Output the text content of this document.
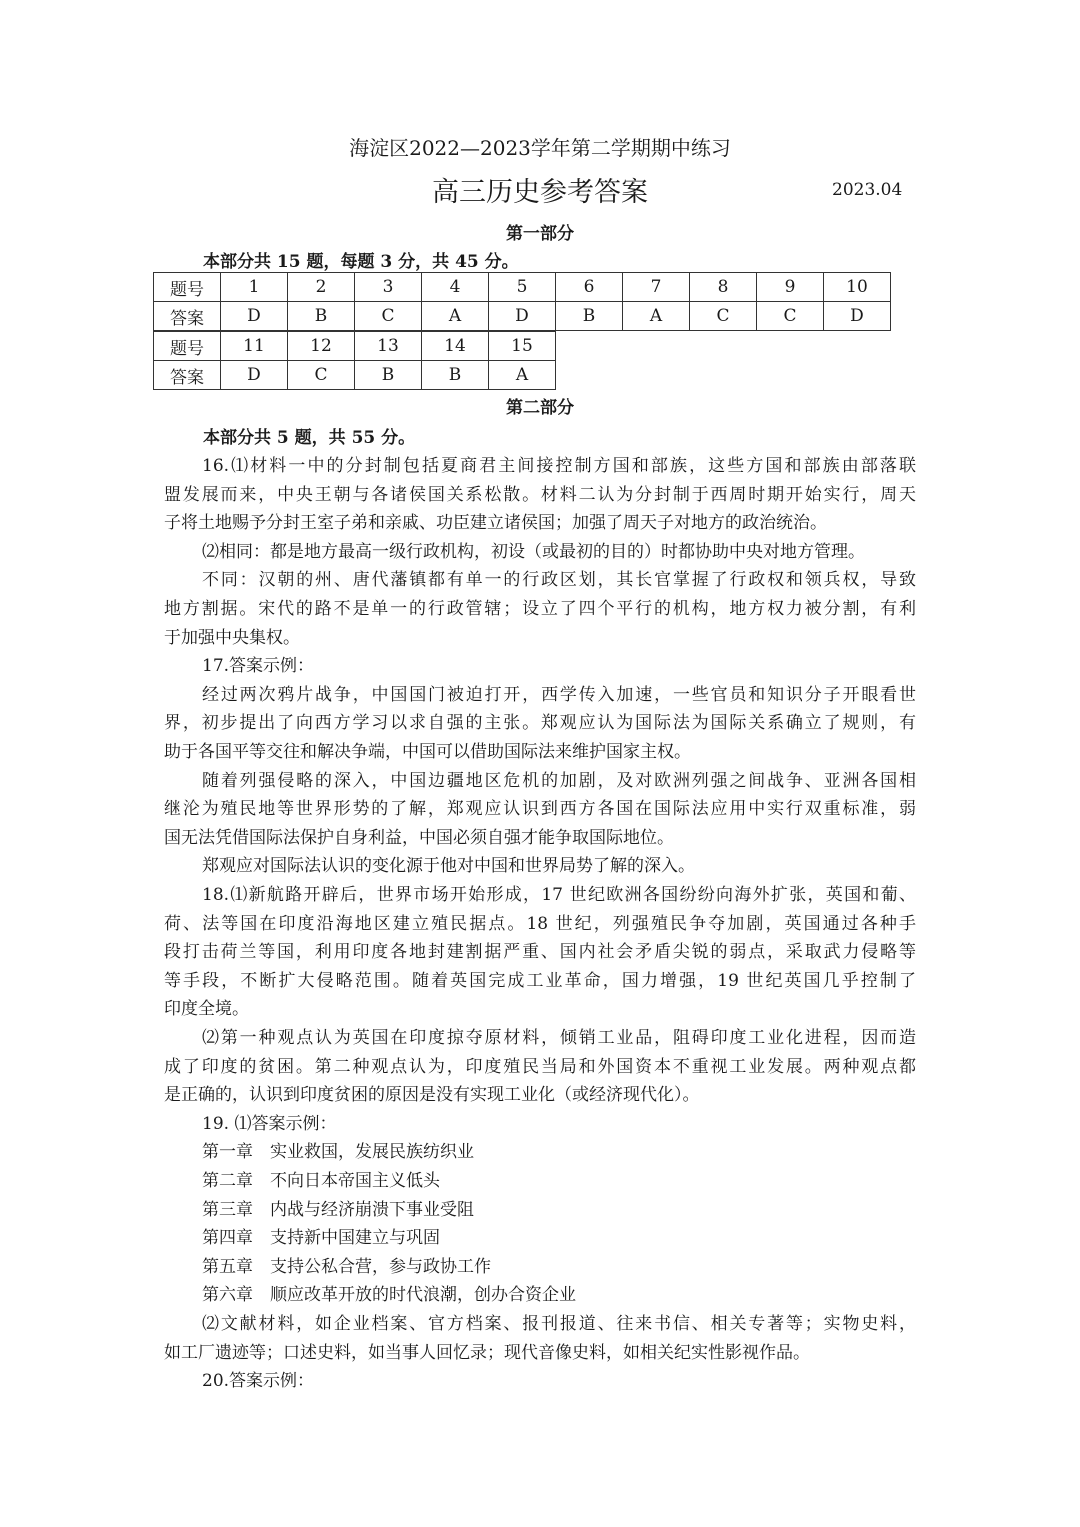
海淀区2022—2023学年第二学期期中练习
高三历史参考答案	2023.04
第一部分
本部分共 15 题，每题 3 分，共 45 分。
题号	1	2	3	4	5	6	7	8	9	10
答案	D	B	C	A	D	B	A	C	C	D
题号	11	12	13	14	15
答案	D	C	B	B	A
第二部分
本部分共 5 题，共 55 分。
16.⑴材料一中的分封制包括夏商君主间接控制方国和部族，这些方国和部族由部落联
盟发展而来，中央王朝与各诸侯国关系松散。材料二认为分封制于西周时期开始实行，周天
子将土地赐予分封王室子弟和亲戚、功臣建立诸侯国；加强了周天子对地方的政治统治。
⑵相同：都是地方最高一级行政机构，初设（或最初的目的）时都协助中央对地方管理。
不同：汉朝的州、唐代藩镇都有单一的行政区划，其长官掌握了行政权和领兵权，导致
地方割据。宋代的路不是单一的行政管辖；设立了四个平行的机构，地方权力被分割，有利
于加强中央集权。
17.答案示例：
经过两次鸦片战争，中国国门被迫打开，西学传入加速，一些官员和知识分子开眼看世
界，初步提出了向西方学习以求自强的主张。郑观应认为国际法为国际关系确立了规则，有
助于各国平等交往和解决争端，中国可以借助国际法来维护国家主权。
随着列强侵略的深入，中国边疆地区危机的加剧，及对欧洲列强之间战争、亚洲各国相
继沦为殖民地等世界形势的了解，郑观应认识到西方各国在国际法应用中实行双重标准，弱
国无法凭借国际法保护自身利益，中国必须自强才能争取国际地位。
郑观应对国际法认识的变化源于他对中国和世界局势了解的深入。
18.⑴新航路开辟后，世界市场开始形成，17 世纪欧洲各国纷纷向海外扩张，英国和葡、
荷、法等国在印度沿海地区建立殖民据点。18 世纪，列强殖民争夺加剧，英国通过各种手
段打击荷兰等国，利用印度各地封建割据严重、国内社会矛盾尖锐的弱点，采取武力侵略等
等手段，不断扩大侵略范围。随着英国完成工业革命，国力增强，19 世纪英国几乎控制了
印度全境。
⑵第一种观点认为英国在印度掠夺原材料，倾销工业品，阻碍印度工业化进程，因而造
成了印度的贫困。第二种观点认为，印度殖民当局和外国资本不重视工业发展。两种观点都
是正确的，认识到印度贫困的原因是没有实现工业化（或经济现代化）。
19. ⑴答案示例：
第一章　实业救国，发展民族纺织业
第二章　不向日本帝国主义低头
第三章　内战与经济崩溃下事业受阻
第四章　支持新中国建立与巩固
第五章　支持公私合营，参与政协工作
第六章　顺应改革开放的时代浪潮，创办合资企业
⑵文献材料，如企业档案、官方档案、报刊报道、往来书信、相关专著等；实物史料，
如工厂遗迹等；口述史料，如当事人回忆录；现代音像史料，如相关纪实性影视作品。
20.答案示例：
